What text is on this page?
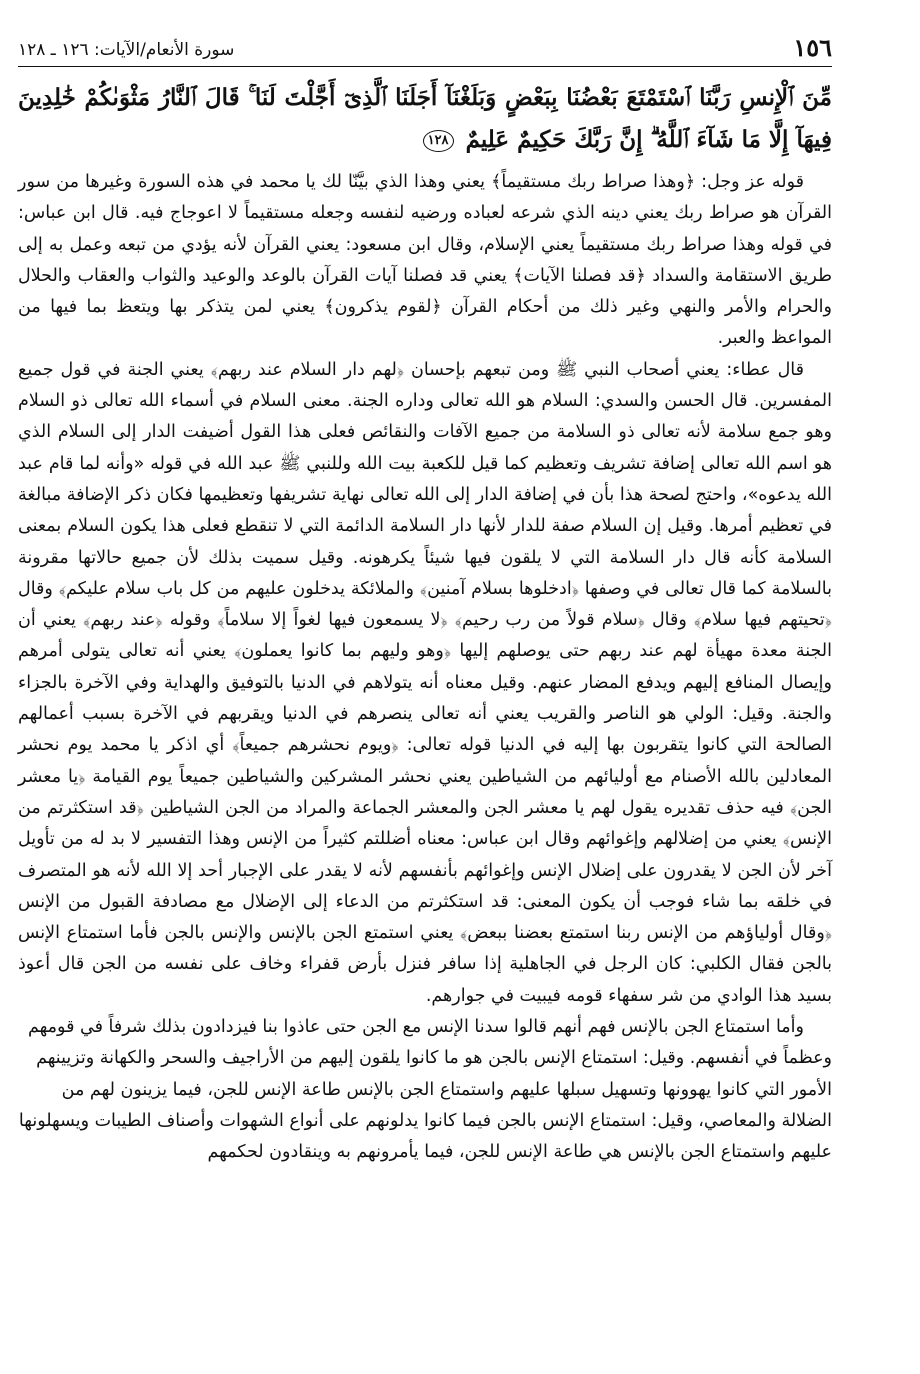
١٥٦
سورة الأنعام/الآيات: ١٢٦ ـ ١٢٨

مِّنَ ٱلْإِنسِ رَبَّنَا ٱسْتَمْتَعَ بَعْضُنَا بِبَعْضٍ وَبَلَغْنَآ أَجَلَنَا ٱلَّذِىٓ أَجَّلْتَ لَنَا ۚ قَالَ ٱلنَّارُ مَثْوَىٰكُمْ خَٰلِدِينَ فِيهَآ إِلَّا مَا شَآءَ ٱللَّهُ ۗ إِنَّ رَبَّكَ حَكِيمٌ عَلِيمٌ ١٢٨

قوله عز وجل: ﴿وهذا صراط ربك مستقيماً﴾ يعني وهذا الذي بيَّنّا لك يا محمد في هذه السورة وغيرها من سور القرآن هو صراط ربك يعني دينه الذي شرعه لعباده ورضيه لنفسه وجعله مستقيماً لا اعوجاج فيه. قال ابن عباس: في قوله وهذا صراط ربك مستقيماً يعني الإسلام، وقال ابن مسعود: يعني القرآن لأنه يؤدي من تبعه وعمل به إلى طريق الاستقامة والسداد ﴿قد فصلنا الآيات﴾ يعني قد فصلنا آيات القرآن بالوعد والوعيد والثواب والعقاب والحلال والحرام والأمر والنهي وغير ذلك من أحكام القرآن ﴿لقوم يذكرون﴾ يعني لمن يتذكر بها ويتعظ بما فيها من المواعظ والعبر.

قال عطاء: يعني أصحاب النبي ﷺ ومن تبعهم بإحسان ﴿لهم دار السلام عند ربهم﴾ يعني الجنة في قول جميع المفسرين. قال الحسن والسدي: السلام هو الله تعالى وداره الجنة. معنى السلام في أسماء الله تعالى ذو السلام وهو جمع سلامة لأنه تعالى ذو السلامة من جميع الآفات والنقائص فعلى هذا القول أضيفت الدار إلى السلام الذي هو اسم الله تعالى إضافة تشريف وتعظيم كما قيل للكعبة بيت الله وللنبي ﷺ عبد الله في قوله «وأنه لما قام عبد الله يدعوه»، واحتج لصحة هذا بأن في إضافة الدار إلى الله تعالى نهاية تشريفها وتعظيمها فكان ذكر الإضافة مبالغة في تعظيم أمرها. وقيل إن السلام صفة للدار لأنها دار السلامة الدائمة التي لا تنقطع فعلى هذا يكون السلام بمعنى السلامة كأنه قال دار السلامة التي لا يلقون فيها شيئاً يكرهونه. وقيل سميت بذلك لأن جميع حالاتها مقرونة بالسلامة كما قال تعالى في وصفها ﴿ادخلوها بسلام آمنين﴾ والملائكة يدخلون عليهم من كل باب سلام عليكم﴾ وقال ﴿تحيتهم فيها سلام﴾ وقال ﴿سلام قولاً من رب رحيم﴾ ﴿لا يسمعون فيها لغواً إلا سلاماً﴾ وقوله ﴿عند ربهم﴾ يعني أن الجنة معدة مهيأة لهم عند ربهم حتى يوصلهم إليها ﴿وهو وليهم بما كانوا يعملون﴾ يعني أنه تعالى يتولى أمرهم وإيصال المنافع إليهم ويدفع المضار عنهم. وقيل معناه أنه يتولاهم في الدنيا بالتوفيق والهداية وفي الآخرة بالجزاء والجنة. وقيل: الولي هو الناصر والقريب يعني أنه تعالى ينصرهم في الدنيا ويقربهم في الآخرة بسبب أعمالهم الصالحة التي كانوا يتقربون بها إليه في الدنيا قوله تعالى: ﴿ويوم نحشرهم جميعاً﴾ أي اذكر يا محمد يوم نحشر المعادلين بالله الأصنام مع أوليائهم من الشياطين يعني نحشر المشركين والشياطين جميعاً يوم القيامة ﴿يا معشر الجن﴾ فيه حذف تقديره يقول لهم يا معشر الجن والمعشر الجماعة والمراد من الجن الشياطين ﴿قد استكثرتم من الإنس﴾ يعني من إضلالهم وإغوائهم وقال ابن عباس: معناه أضللتم كثيراً من الإنس وهذا التفسير لا بد له من تأويل آخر لأن الجن لا يقدرون على إضلال الإنس وإغوائهم بأنفسهم لأنه لا يقدر على الإجبار أحد إلا الله لأنه هو المتصرف في خلقه بما شاء فوجب أن يكون المعنى: قد استكثرتم من الدعاء إلى الإضلال مع مصادفة القبول من الإنس ﴿وقال أولياؤهم من الإنس ربنا استمتع بعضنا ببعض﴾ يعني استمتع الجن بالإنس والإنس بالجن فأما استمتاع الإنس بالجن فقال الكلبي: كان الرجل في الجاهلية إذا سافر فنزل بأرض قفراء وخاف على نفسه من الجن قال أعوذ بسيد هذا الوادي من شر سفهاء قومه فيبيت في جوارهم.

وأما استمتاع الجن بالإنس فهم أنهم قالوا سدنا الإنس مع الجن حتى عاذوا بنا فيزدادون بذلك شرفاً في قومهم وعظماً في أنفسهم. وقيل: استمتاع الإنس بالجن هو ما كانوا يلقون إليهم من الأراجيف والسحر والكهانة وتزيينهم الأمور التي كانوا يهوونها وتسهيل سبلها عليهم واستمتاع الجن بالإنس طاعة الإنس للجن، فيما يزينون لهم من الضلالة والمعاصي، وقيل: استمتاع الإنس بالجن فيما كانوا يدلونهم على أنواع الشهوات وأصناف الطيبات ويسهلونها عليهم واستمتاع الجن بالإنس هي طاعة الإنس للجن، فيما يأمرونهم به وينقادون لحكمهم
